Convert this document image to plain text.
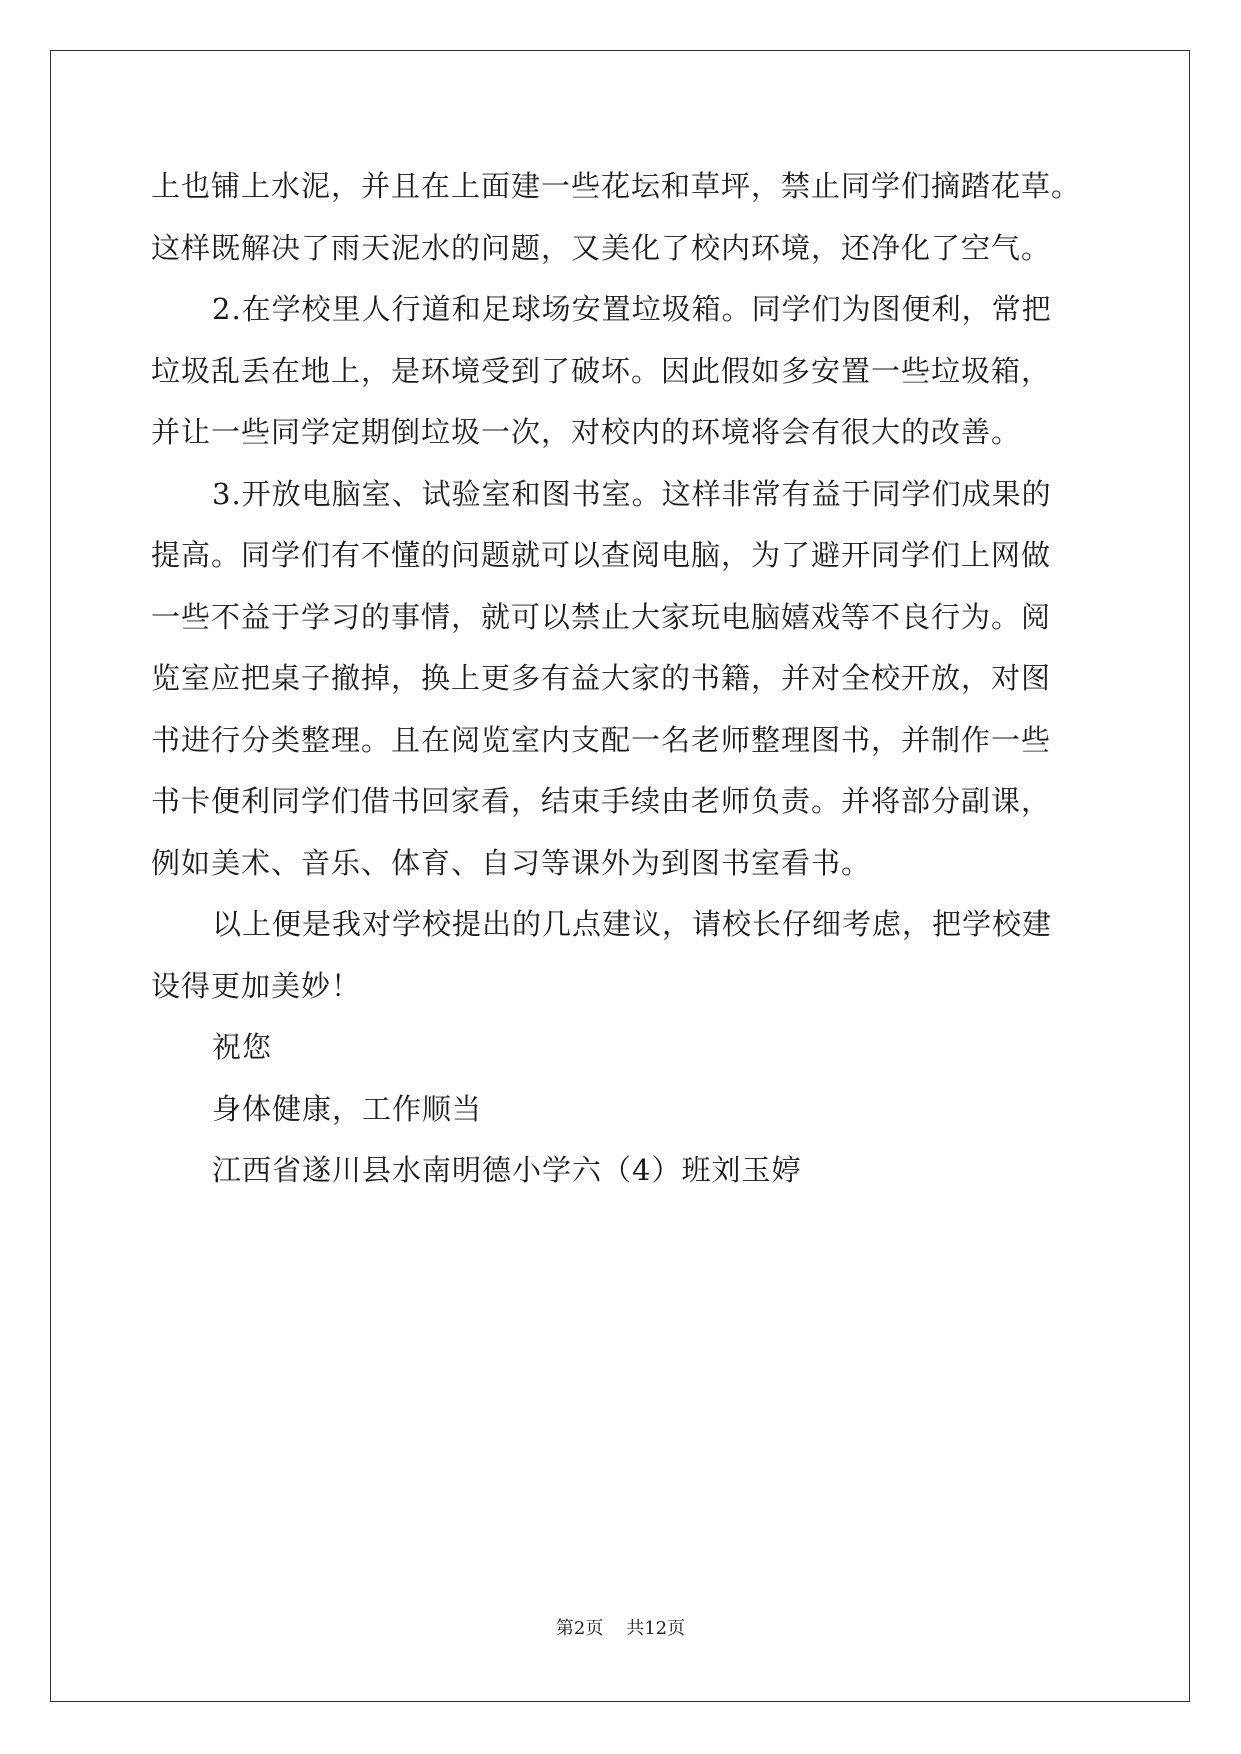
上也铺上水泥，并且在上面建一些花坛和草坪，禁止同学们摘踏花草。
这样既解决了雨天泥水的问题，又美化了校内环境，还净化了空气。
2.在学校里人行道和足球场安置垃圾箱。同学们为图便利，常把
垃圾乱丢在地上，是环境受到了破坏。因此假如多安置一些垃圾箱，
并让一些同学定期倒垃圾一次，对校内的环境将会有很大的改善。
3.开放电脑室、试验室和图书室。这样非常有益于同学们成果的
提高。同学们有不懂的问题就可以查阅电脑，为了避开同学们上网做
一些不益于学习的事情，就可以禁止大家玩电脑嬉戏等不良行为。阅
览室应把桌子撤掉，换上更多有益大家的书籍，并对全校开放，对图
书进行分类整理。且在阅览室内支配一名老师整理图书，并制作一些
书卡便利同学们借书回家看，结束手续由老师负责。并将部分副课，
例如美术、音乐、体育、自习等课外为到图书室看书。
以上便是我对学校提出的几点建议，请校长仔细考虑，把学校建
设得更加美妙！
祝您
身体健康，工作顺当
江西省遂川县水南明德小学六（4）班刘玉婷
第2页 共12页
